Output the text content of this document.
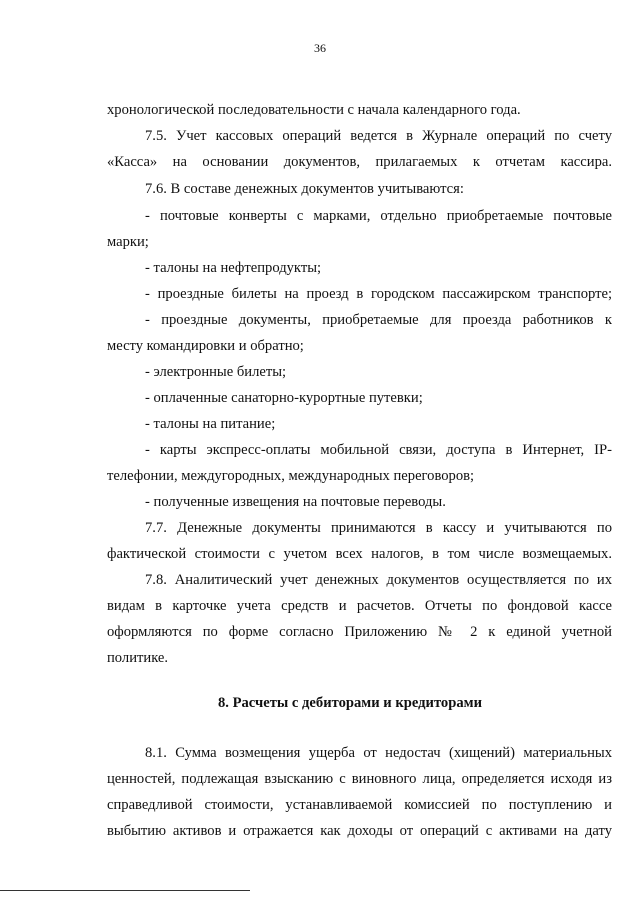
36
хронологической последовательности с начала календарного года.
7.5. Учет кассовых операций ведется в Журнале операций по счету
«Касса» на основании документов, прилагаемых к отчетам кассира.
7.6. В составе денежных документов учитываются:
- почтовые конверты с марками, отдельно приобретаемые почтовые
марки;
- талоны на нефтепродукты;
- проездные билеты на проезд в городском пассажирском транспорте;
- проездные документы, приобретаемые для проезда работников к
месту командировки и обратно;
- электронные билеты;
- оплаченные санаторно-курортные путевки;
- талоны на питание;
- карты экспресс-оплаты мобильной связи, доступа в Интернет, IP-
телефонии, междугородных, международных переговоров;
- полученные извещения на почтовые переводы.
7.7. Денежные документы принимаются в кассу и учитываются по
фактической стоимости с учетом всех налогов, в том числе возмещаемых.
7.8. Аналитический учет денежных документов осуществляется по их
видам в карточке учета средств и расчетов. Отчеты по фондовой кассе
оформляются по форме согласно Приложению № 2 к единой учетной
политике.
8. Расчеты с дебиторами и кредиторами
8.1. Сумма возмещения ущерба от недостач (хищений) материальных
ценностей, подлежащая взысканию с виновного лица, определяется исходя из
справедливой стоимости, устанавливаемой комиссией по поступлению и
выбытию активов и отражается как доходы от операций с активами на дату
